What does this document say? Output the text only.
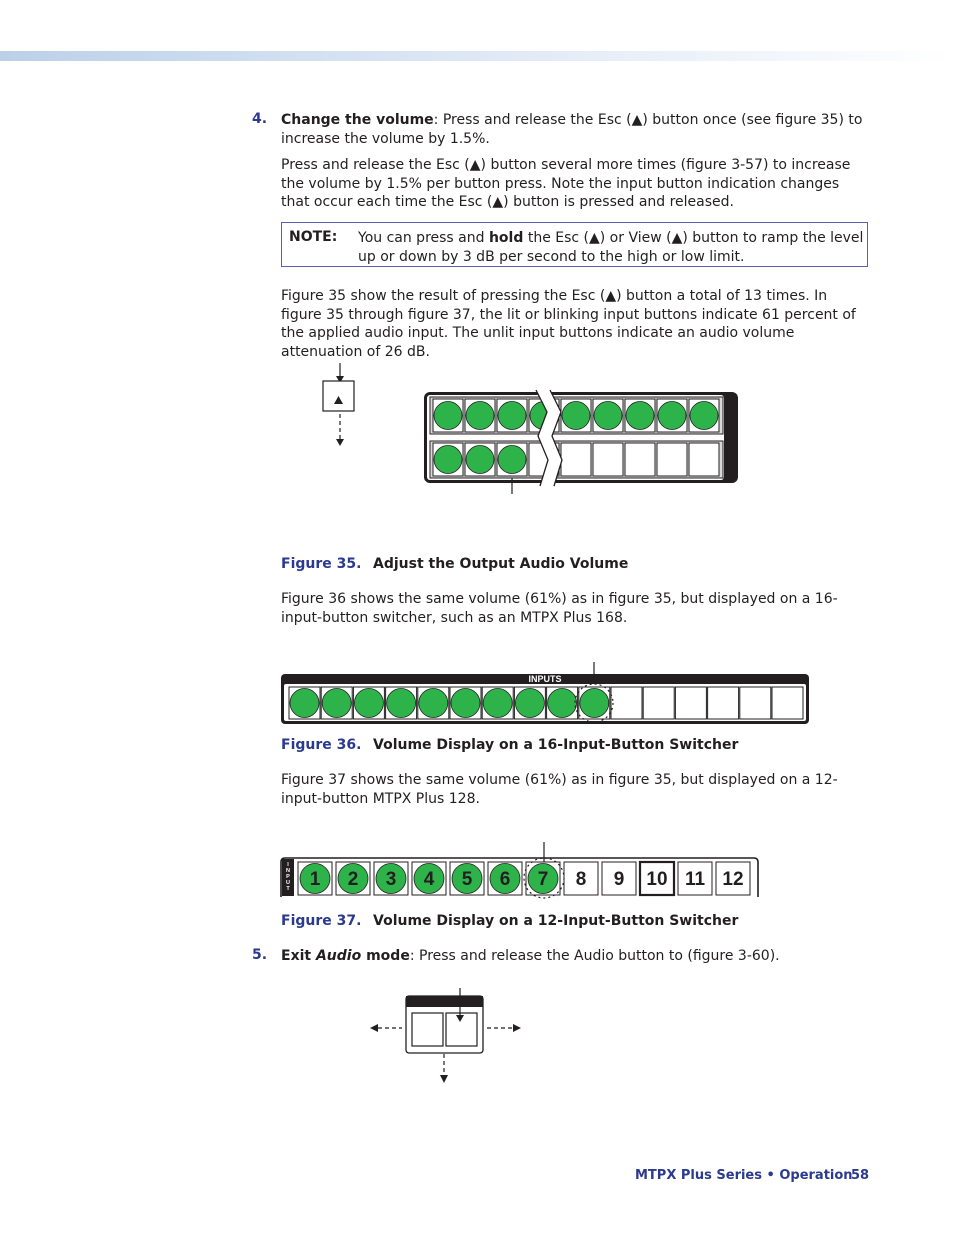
4. Change the volume: Press and release the Esc (▲) button once (see figure 35) to increase the volume by 1.5%.
Press and release the Esc (▲) button several more times (figure 3-57) to increase the volume by 1.5% per button press. Note the input button indication changes that occur each time the Esc (▲) button is pressed and released.
NOTE: You can press and hold the Esc (▲) or View (▲) button to ramp the level up or down by 3 dB per second to the high or low limit.
Figure 35 show the result of pressing the Esc (▲) button a total of 13 times. In figure 35 through figure 37, the lit or blinking input buttons indicate 61 percent of the applied audio input. The unlit input buttons indicate an audio volume attenuation of 26 dB.
Figure 35. Adjust the Output Audio Volume
Figure 36 shows the same volume (61%) as in figure 35, but displayed on a 16-input-button switcher, such as an MTPX Plus 168.
INPUTS
Figure 36. Volume Display on a 16-Input-Button Switcher
Figure 37 shows the same volume (61%) as in figure 35, but displayed on a 12-input-button MTPX Plus 128.
I
N
P
U
T 1 2 3 4 5 6 7 8 9 10 11 12
Figure 37. Volume Display on a 12-Input-Button Switcher
5. Exit Audio mode: Press and release the Audio button to (figure 3-60).
MTPX Plus Series • Operation
58
